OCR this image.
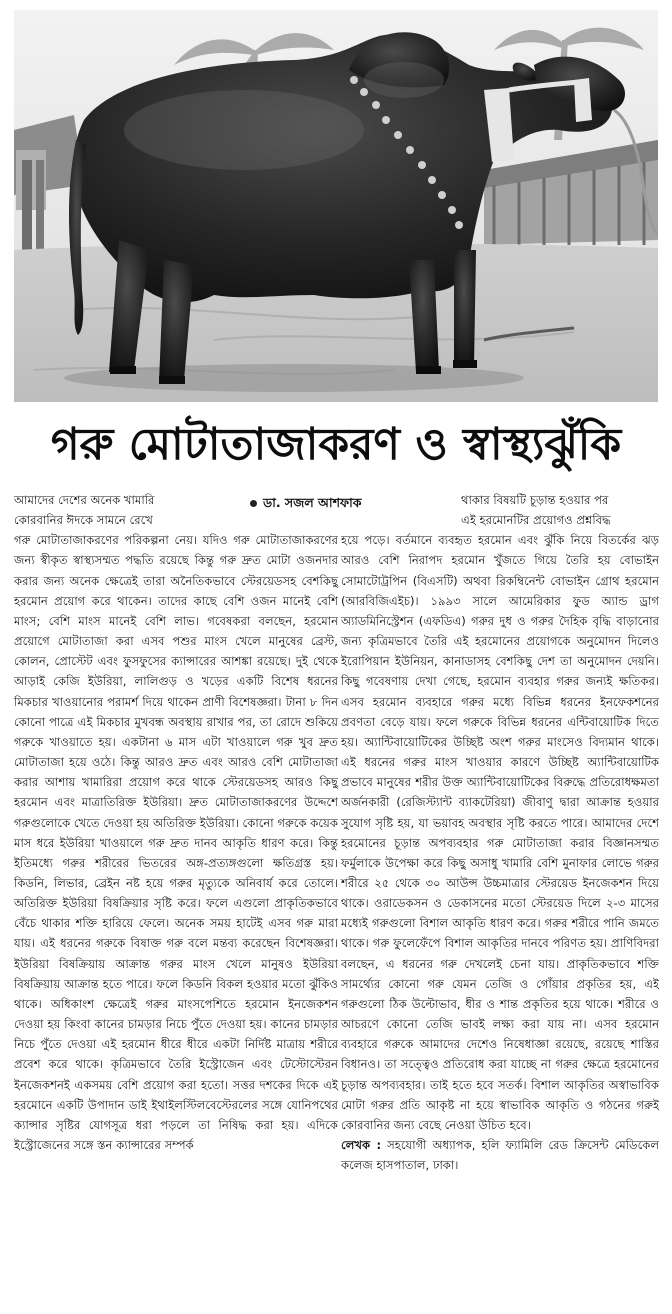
গরু মোটাতাজাকরণ ও স্বাস্থ্যঝুঁকি
ডা. সজল আশফাক
আমাদের দেশের অনেক খামারি
কোরবানির ঈদকে সামনে রেখে

গরু মোটাতাজাকরণের পরিকল্পনা নেয়। যদিও গরু মোটাতাজাকরণের জন্য স্বীকৃত স্বাস্থ্যসম্মত পদ্ধতি রয়েছে কিন্তু গরু দ্রুত মোটা ওজনদার করার জন্য অনেক ক্ষেত্রেই তারা অনৈতিকভাবে স্টেরয়েডসহ বেশকিছু হরমোন প্রয়োগ করে থাকেন। তাদের কাছে বেশি ওজন মানেই বেশি মাংস; বেশি মাংস মানেই বেশি লাভ। গবেষকরা বলছেন, হরমোন প্রয়োগে মোটাতাজা করা এসব পশুর মাংস খেলে মানুষের ব্রেস্ট, কোলন, প্রোস্টেট এবং ফুসফুসের ক্যান্সারের আশঙ্কা রয়েছে। দুই থেকে আড়াই কেজি ইউরিয়া, লালিগুড় ও খড়ের একটি বিশেষ ধরনের মিকচার খাওয়ানোর পরামর্শ দিয়ে থাকেন প্রাণী বিশেষজ্ঞরা। টানা ৮ দিন কোনো পাত্রে এই মিকচার মুখবন্ধ অবস্থায় রাখার পর, তা রোদে শুকিয়ে গরুকে খাওয়াতে হয়। একটানা ৬ মাস এটা খাওয়ালে গরু খুব দ্রুত মোটাতাজা হয়ে ওঠে। কিন্তু আরও দ্রুত এবং আরও বেশি মোটাতাজা করার আশায় খামারিরা প্রয়োগ করে থাকে স্টেরয়েডসহ আরও কিছু হরমোন এবং মাত্রাতিরিক্ত ইউরিয়া। দ্রুত মোটাতাজাকরণের উদ্দেশে গরুগুলোকে খেতে দেওয়া হয় অতিরিক্ত ইউরিয়া। কোনো গরুকে কয়েক মাস ধরে ইউরিয়া খাওয়ালে গরু দ্রুত দানব আকৃতি ধারণ করে। কিন্তু ইতিমধ্যে গরুর শরীরের ভিতরের অঙ্গ-প্রত্যঙ্গগুলো ক্ষতিগ্রস্ত হয়। কিডনি, লিভার, ব্রেইন নষ্ট হয়ে গরুর মৃত্যুকে অনিবার্য করে তোলে। অতিরিক্ত ইউরিয়া বিষক্রিয়ার সৃষ্টি করে। ফলে এগুলো প্রাকৃতিকভাবে বেঁচে থাকার শক্তি হারিয়ে ফেলে। অনেক সময় হাটেই এসব গরু মারা যায়। এই ধরনের গরুকে বিষাক্ত গরু বলে মন্তব্য করেছেন বিশেষজ্ঞরা। ইউরিয়া বিষক্রিয়ায় আক্রান্ত গরুর মাংস খেলে মানুষও ইউরিয়া বিষক্রিয়ায় আক্রান্ত হতে পারে। ফলে কিডনি বিকল হওয়ার মতো ঝুঁকিও থাকে। অধিকাংশ ক্ষেত্রেই গরুর মাংসপেশিতে হরমোন ইনজেকশন দেওয়া হয় কিংবা কানের চামড়ার নিচে পুঁতে দেওয়া হয়। কানের চামড়ার নিচে পুঁতে দেওয়া এই হরমোন ধীরে ধীরে একটা নির্দিষ্ট মাত্রায় শরীরে প্রবেশ করে থাকে। কৃত্রিমভাবে তৈরি ইস্ট্রোজেন এবং টেস্টোস্টেরন ইনজেকশনই একসময় বেশি প্রয়োগ করা হতো। সত্তর দশকের দিকে এই হরমোনে একটি উপাদান ডাই ইথাইলস্টিলবেস্টেরলের সঙ্গে যোনিপথের ক্যান্সার সৃষ্টির যোগসূত্র ধরা পড়লে তা নিষিদ্ধ করা হয়। এদিকে ইস্ট্রোজেনের সঙ্গে স্তন ক্যান্সারের সম্পর্ক

থাকার বিষয়টি চূড়ান্ত হওয়ার পর
এই হরমোনটির প্রয়োগও প্রশ্নবিদ্ধ

হয়ে পড়ে। বর্তমানে ব্যবহৃত হরমোন এবং ঝুঁকি নিয়ে বিতর্কের ঝড় আরও বেশি নিরাপদ হরমোন খুঁজতে গিয়ে তৈরি হয় বোভাইন সোমাটোট্রপিন (বিএসটি) অথবা রিকম্বিনেন্ট বোভাইন গ্রোথ হরমোন (আরবিজিএইচ)। ১৯৯৩ সালে আমেরিকার ফুড অ্যান্ড ড্রাগ অ্যাডমিনিস্ট্রেশন (এফডিএ) গরুর দুধ ও গরুর দৈহিক বৃদ্ধি বাড়ানোর জন্য কৃত্রিমভাবে তৈরি এই হরমোনের প্রয়োগকে অনুমোদন দিলেও ইরোপিয়ান ইউনিয়ন, কানাডাসহ বেশকিছু দেশ তা অনুমোদন দেয়নি। কিছু গবেষণায় দেখা গেছে, হরমোন ব্যবহার গরুর জন্যই ক্ষতিকর। এসব হরমোন ব্যবহারে গরুর মধ্যে বিভিন্ন ধরনের ইনফেকশনের প্রবণতা বেড়ে যায়। ফলে গরুকে বিভিন্ন ধরনের এন্টিবায়োটিক দিতে হয়। অ্যান্টিবায়োটিকের উচ্ছিষ্ট অংশ গরুর মাংসেও বিদ্যমান থাকে। এই ধরনের গরুর মাংস খাওয়ার কারণে উচ্ছিষ্ট অ্যান্টিবায়োটিক প্রভাবে মানুষের শরীর উক্ত অ্যান্টিবায়োটিকের বিরুদ্ধে প্রতিরোধক্ষমতা অর্জনকারী (রেজিস্ট্যান্ট ব্যাকটেরিয়া) জীবাণু দ্বারা আক্রান্ত হওয়ার সুযোগ সৃষ্টি হয়, যা ভয়াবহ অবস্থার সৃষ্টি করতে পারে। আমাদের দেশে হরমোনের চূড়ান্ত অপব্যবহার গরু মোটাতাজা করার বিজ্ঞানসম্মত ফর্মুলাকে উপেক্ষা করে কিছু অসাধু খামারি বেশি মুনাফার লোভে গরুর শরীরে ২৫ থেকে ৩০ আউন্স উচ্চমাত্রার স্টেরয়েড ইনজেকশন দিয়ে থাকে। ওরাডেকসন ও ডেকাসনের মতো স্টেরয়েড দিলে ২-৩ মাসের মধ্যেই গরুগুলো বিশাল আকৃতি ধারণ করে। গরুর শরীরে পানি জমতে থাকে। গরু ফুলেফেঁপে বিশাল আকৃতির দানবে পরিণত হয়। প্রাণিবিদরা বলছেন, এ ধরনের গরু দেখলেই চেনা যায়। প্রাকৃতিকভাবে শক্তি সামর্থ্যের কোনো গরু যেমন তেজি ও গোঁয়ার প্রকৃতির হয়, এই গরুগুলো ঠিক উল্টোভাব, ধীর ও শান্ত প্রকৃতির হয়ে থাকে। শরীরে ও আচরণে কোনো তেজি ভাবই লক্ষ্য করা যায় না। এসব হরমোন ব্যবহারে গরুকে আমাদের দেশেও নিষেধাজ্ঞা রয়েছে, রয়েছে শাস্তির বিধানও। তা সত্ত্বেও প্রতিরোধ করা যাচ্ছে না গরুর ক্ষেত্রে হরমোনের চূড়ান্ত অপব্যবহার। তাই হতে হবে সতর্ক। বিশাল আকৃতির অস্বাভাবিক মোটা গরুর প্রতি আকৃষ্ট না হয়ে স্বাভাবিক আকৃতি ও গঠনের গরুই কোরবানির জন্য বেছে নেওয়া উচিত হবে।

লেখক : সহযোগী অধ্যাপক, হলি ফ্যামিলি রেড ক্রিসেন্ট মেডিকেল কলেজ হাসপাতাল, ঢাকা।
